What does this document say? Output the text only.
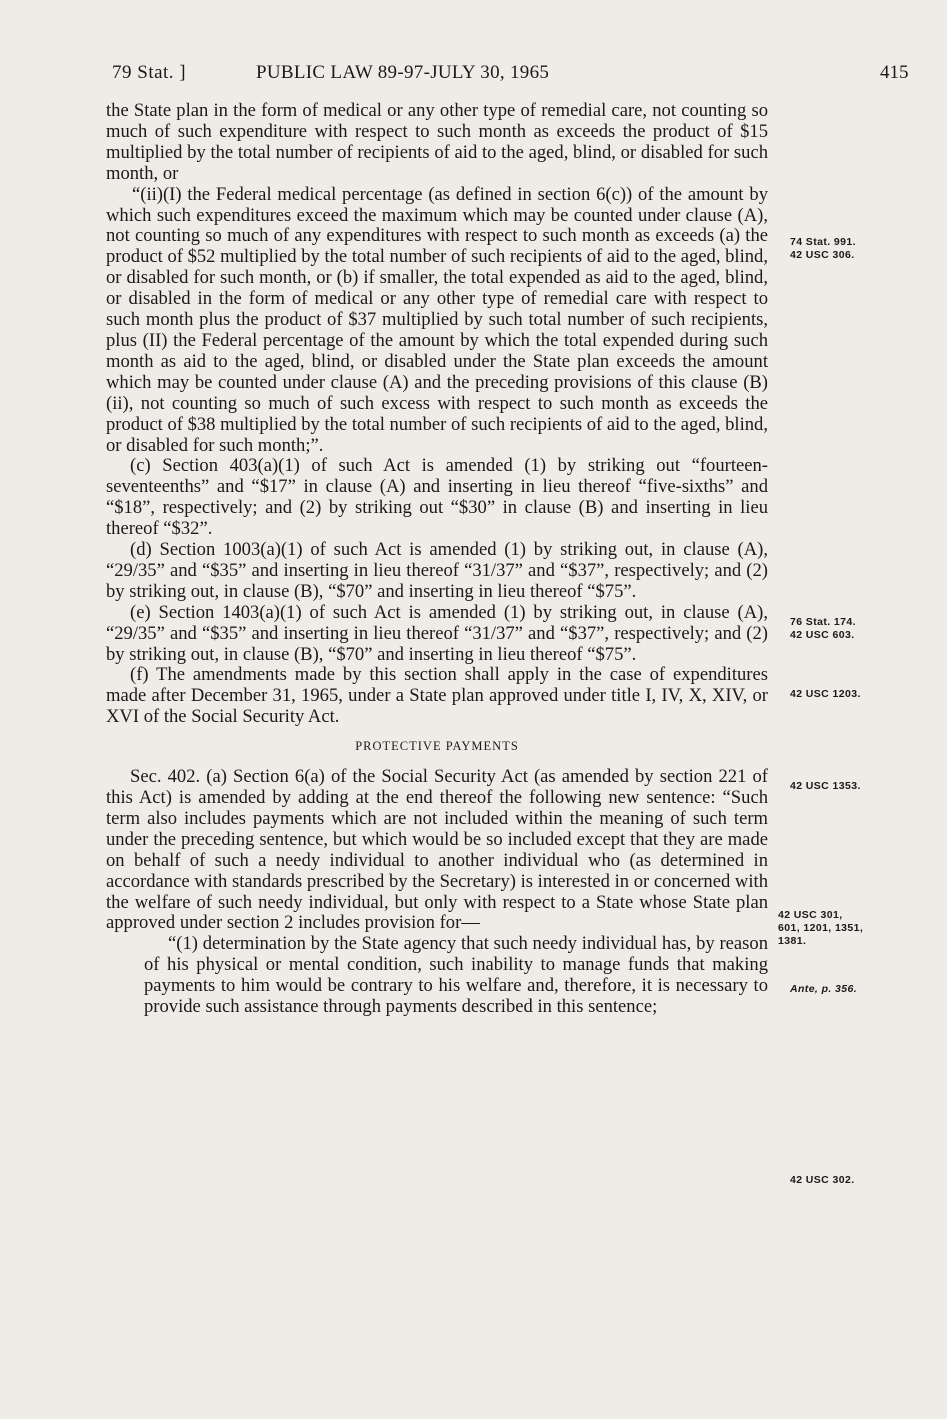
79 Stat. ]	PUBLIC LAW 89-97-JULY 30, 1965	415

the State plan in the form of medical or any other type of remedial care, not counting so much of such expenditure with respect to such month as exceeds the product of $15 multiplied by the total number of recipients of aid to the aged, blind, or disabled for such month, or

“(ii)(I) the Federal medical percentage (as defined in section 6(c)) of the amount by which such expenditures exceed the maximum which may be counted under clause (A), not counting so much of any expenditures with respect to such month as exceeds (a) the product of $52 multiplied by the total number of such recipients of aid to the aged, blind, or disabled for such month, or (b) if smaller, the total expended as aid to the aged, blind, or disabled in the form of medical or any other type of remedial care with respect to such month plus the product of $37 multiplied by such total number of such recipients, plus (II) the Federal percentage of the amount by which the total expended during such month as aid to the aged, blind, or disabled under the State plan exceeds the amount which may be counted under clause (A) and the preceding provisions of this clause (B)(ii), not counting so much of such excess with respect to such month as exceeds the product of $38 multiplied by the total number of such recipients of aid to the aged, blind, or disabled for such month;”.

(c) Section 403(a)(1) of such Act is amended (1) by striking out “fourteen-seventeenths” and “$17” in clause (A) and inserting in lieu thereof “five-sixths” and “$18”, respectively; and (2) by striking out “$30” in clause (B) and inserting in lieu thereof “$32”.

(d) Section 1003(a)(1) of such Act is amended (1) by striking out, in clause (A), “29/35” and “$35” and inserting in lieu thereof “31/37” and “$37”, respectively; and (2) by striking out, in clause (B), “$70” and inserting in lieu thereof “$75”.

(e) Section 1403(a)(1) of such Act is amended (1) by striking out, in clause (A), “29/35” and “$35” and inserting in lieu thereof “31/37” and “$37”, respectively; and (2) by striking out, in clause (B), “$70” and inserting in lieu thereof “$75”.

(f) The amendments made by this section shall apply in the case of expenditures made after December 31, 1965, under a State plan approved under title I, IV, X, XIV, or XVI of the Social Security Act.

PROTECTIVE PAYMENTS

Sec. 402. (a) Section 6(a) of the Social Security Act (as amended by section 221 of this Act) is amended by adding at the end thereof the following new sentence: “Such term also includes payments which are not included within the meaning of such term under the preceding sentence, but which would be so included except that they are made on behalf of such a needy individual to another individual who (as determined in accordance with standards prescribed by the Secretary) is interested in or concerned with the welfare of such needy individual, but only with respect to a State whose State plan approved under section 2 includes provision for—

“(1) determination by the State agency that such needy individual has, by reason of his physical or mental condition, such inability to manage funds that making payments to him would be contrary to his welfare and, therefore, it is necessary to provide such assistance through payments described in this sentence;

74 Stat. 991.
42 USC 306.
76 Stat. 174.
42 USC 603.
42 USC 1203.
42 USC 1353.
42 USC 301,
601, 1201, 1351,
1381.
Ante, p. 356.
42 USC 302.
